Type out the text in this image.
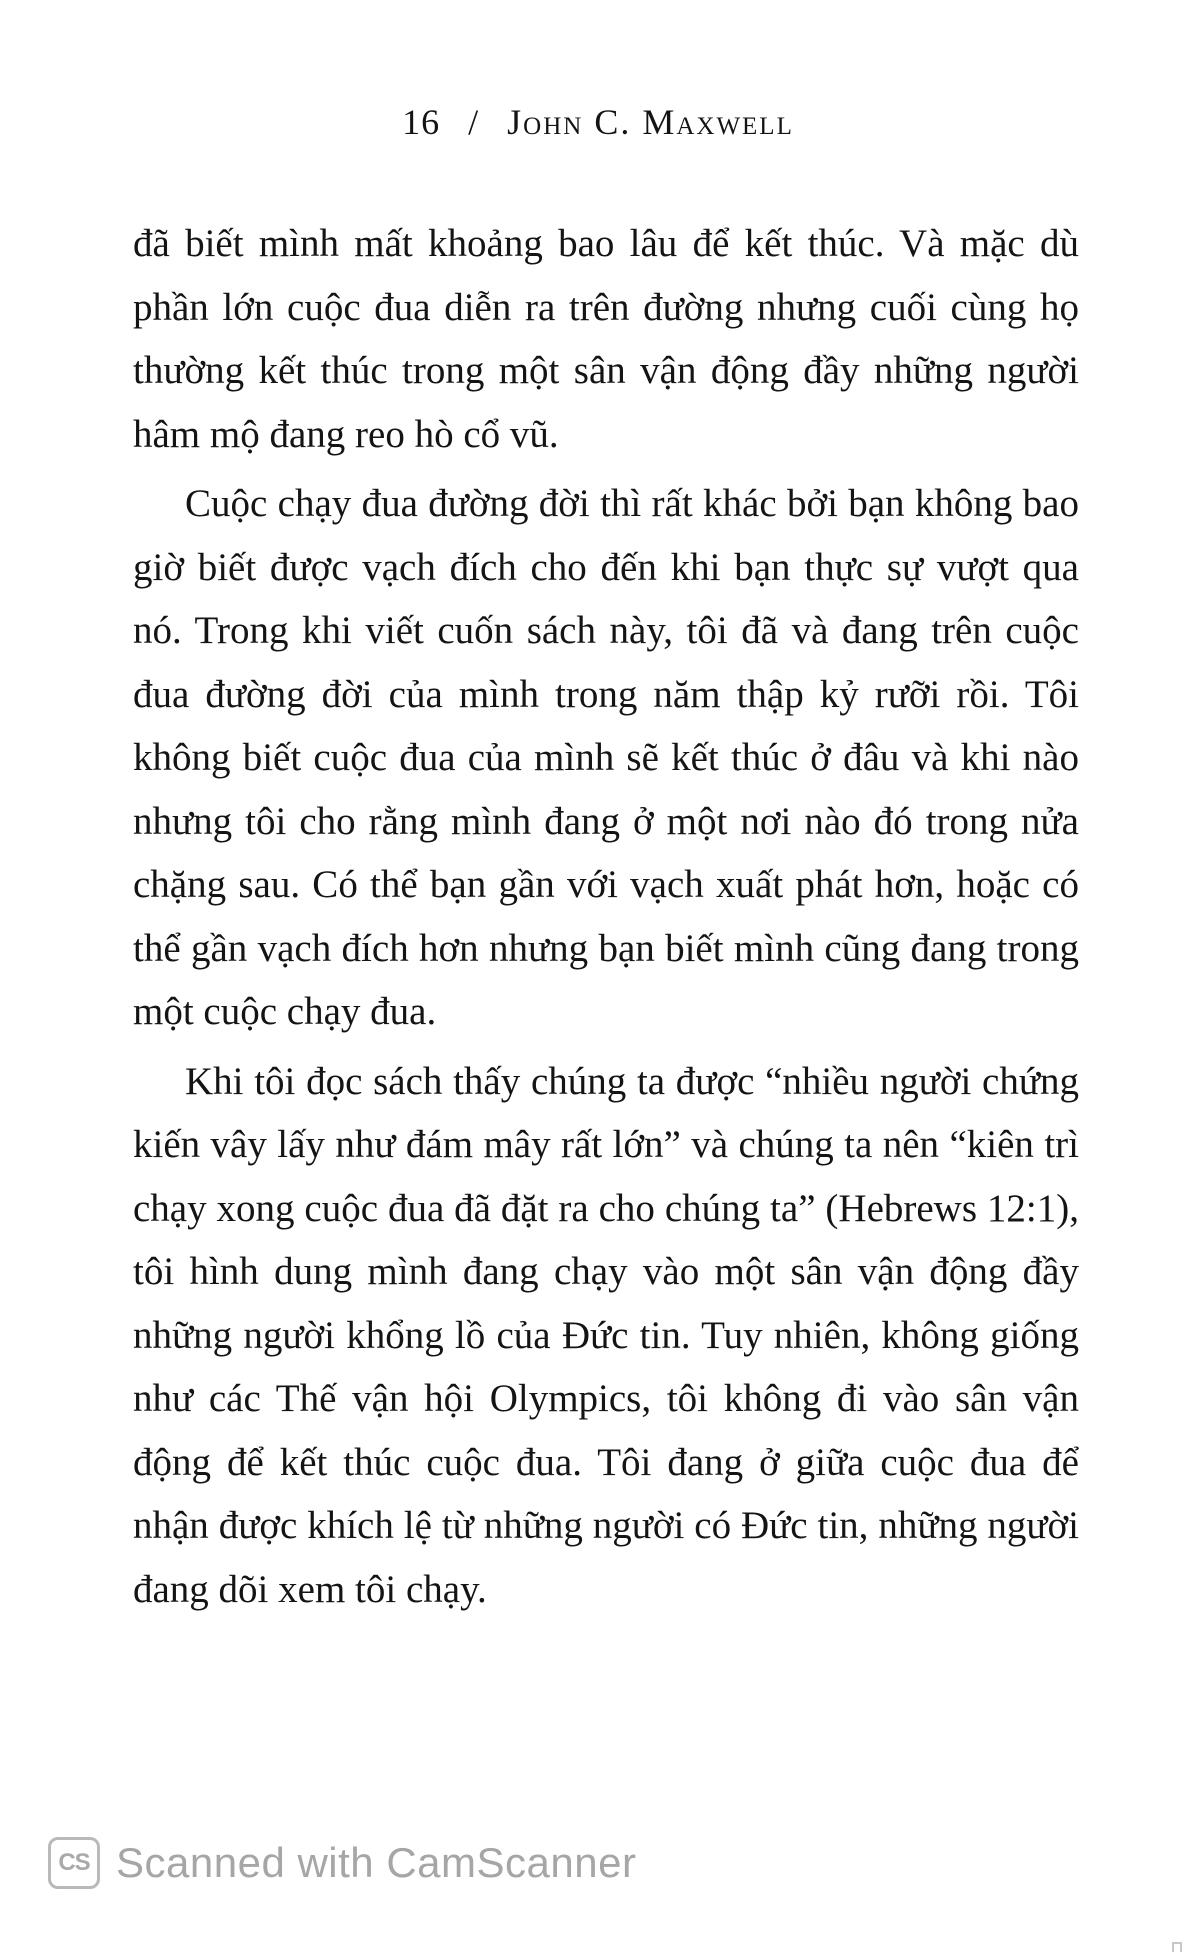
16 / John C. Maxwell

đã biết mình mất khoảng bao lâu để kết thúc. Và mặc dù phần lớn cuộc đua diễn ra trên đường nhưng cuối cùng họ thường kết thúc trong một sân vận động đầy những người hâm mộ đang reo hò cổ vũ.

Cuộc chạy đua đường đời thì rất khác bởi bạn không bao giờ biết được vạch đích cho đến khi bạn thực sự vượt qua nó. Trong khi viết cuốn sách này, tôi đã và đang trên cuộc đua đường đời của mình trong năm thập kỷ rưỡi rồi. Tôi không biết cuộc đua của mình sẽ kết thúc ở đâu và khi nào nhưng tôi cho rằng mình đang ở một nơi nào đó trong nửa chặng sau. Có thể bạn gần với vạch xuất phát hơn, hoặc có thể gần vạch đích hơn nhưng bạn biết mình cũng đang trong một cuộc chạy đua.

Khi tôi đọc sách thấy chúng ta được “nhiều người chứng kiến vây lấy như đám mây rất lớn” và chúng ta nên “kiên trì chạy xong cuộc đua đã đặt ra cho chúng ta” (Hebrews 12:1), tôi hình dung mình đang chạy vào một sân vận động đầy những người khổng lồ của Đức tin. Tuy nhiên, không giống như các Thế vận hội Olympics, tôi không đi vào sân vận động để kết thúc cuộc đua. Tôi đang ở giữa cuộc đua để nhận được khích lệ từ những người có Đức tin, những người đang dõi xem tôi chạy.

CS Scanned with CamScanner
